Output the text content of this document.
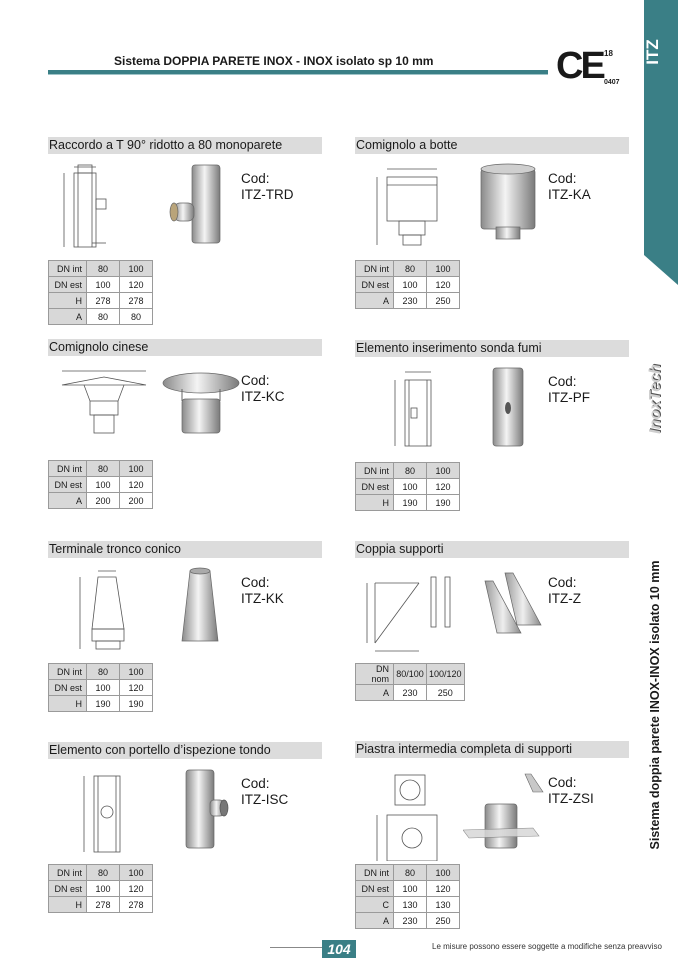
Sistema DOPPIA PARETE INOX - INOX isolato sp 10 mm	CE 18
0407
ITZ
InoxTech
Sistema doppia parete INOX-INOX isolato 10 mm
Raccordo a T 90° ridotto a 80 monoparete
Cod:
ITZ-TRD
DN int	80	100
DN est	100	120
H	278	278
A	80	80
Comignolo a botte
Cod:
ITZ-KA
DN int	80	100
DN est	100	120
A	230	250
Comignolo cinese
Cod:
ITZ-KC
DN int	80	100
DN est	100	120
A	200	200
Elemento inserimento sonda fumi
Cod:
ITZ-PF
DN int	80	100
DN est	100	120
H	190	190
Terminale tronco conico
Cod:
ITZ-KK
DN int	80	100
DN est	100	120
H	190	190
Coppia supporti
Cod:
ITZ-Z
DN nom	80/100	100/120
A	230	250
Elemento con portello d’ispezione tondo
Cod:
ITZ-ISC
DN int	80	100
DN est	100	120
H	278	278
Piastra intermedia completa di supporti
Cod:
ITZ-ZSI
DN int	80	100
DN est	100	120
C	130	130
A	230	250
104	Le misure possono essere soggette a modifiche senza preavviso
